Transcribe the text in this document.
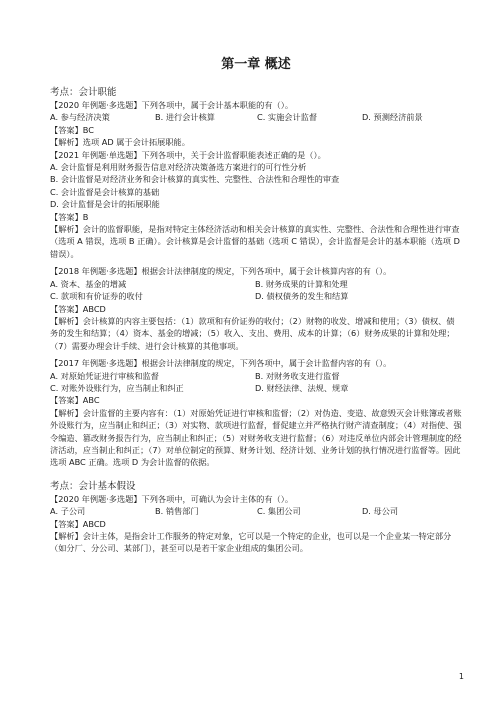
第一章 概述
考点：会计职能
【2020 年例题·多选题】下列各项中，属于会计基本职能的有（）。
A. 参与经济决策	B. 进行会计核算	C. 实施会计监督	D. 预测经济前景
【答案】BC
【解析】选项 AD 属于会计拓展职能。
【2021 年例题·单选题】下列各项中，关于会计监督职能表述正确的是（）。
A. 会计监督是利用财务报告信息对经济决策备选方案进行的可行性分析
B. 会计监督是对经济业务和会计核算的真实性、完整性、合法性和合理性的审查
C. 会计监督是会计核算的基础
D. 会计监督是会计的拓展职能
【答案】B
【解析】会计的监督职能，是指对特定主体经济活动和相关会计核算的真实性、完整性、合法性和合理性进行审查（选项 A 错误，选项 B 正确）。会计核算是会计监督的基础（选项 C 错误），会计监督是会计的基本职能（选项 D 错误）。
【2018 年例题·多选题】根据会计法律制度的规定，下列各项中，属于会计核算内容的有（）。
A. 资本、基金的增减	B. 财务成果的计算和处理
C. 款项和有价证券的收付	D. 债权债务的发生和结算
【答案】ABCD
【解析】会计核算的内容主要包括：（1）款项和有价证券的收付；（2）财物的收发、增减和使用；（3）债权、债务的发生和结算；（4）资本、基金的增减；（5）收入、支出、费用、成本的计算；（6）财务成果的计算和处理；（7）需要办理会计手续、进行会计核算的其他事项。
【2017 年例题·多选题】根据会计法律制度的规定，下列各项中，属于会计监督内容的有（）。
A. 对原始凭证进行审核和监督	B. 对财务收支进行监督
C. 对账外设账行为，应当制止和纠正	D. 财经法律、法规、规章
【答案】ABC
【解析】会计监督的主要内容有：（1）对原始凭证进行审核和监督；（2）对伪造、变造、故意毁灭会计账簿或者账外设账行为，应当制止和纠正；（3）对实物、款项进行监督，督促建立并严格执行财产清查制度；（4）对指使、强令编造、篡改财务报告行为，应当制止和纠正；（5）对财务收支进行监督；（6）对违反单位内部会计管理制度的经济活动，应当制止和纠正；（7）对单位制定的预算、财务计划、经济计划、业务计划的执行情况进行监督等。因此选项 ABC 正确。选项 D 为会计监督的依据。
考点：会计基本假设
【2020 年例题·多选题】下列各项中，可确认为会计主体的有（）。
A. 子公司	B. 销售部门	C. 集团公司	D. 母公司
【答案】ABCD
【解析】会计主体，是指会计工作服务的特定对象，它可以是一个特定的企业，也可以是一个企业某一特定部分（如分厂、分公司、某部门），甚至可以是若干家企业组成的集团公司。
1
